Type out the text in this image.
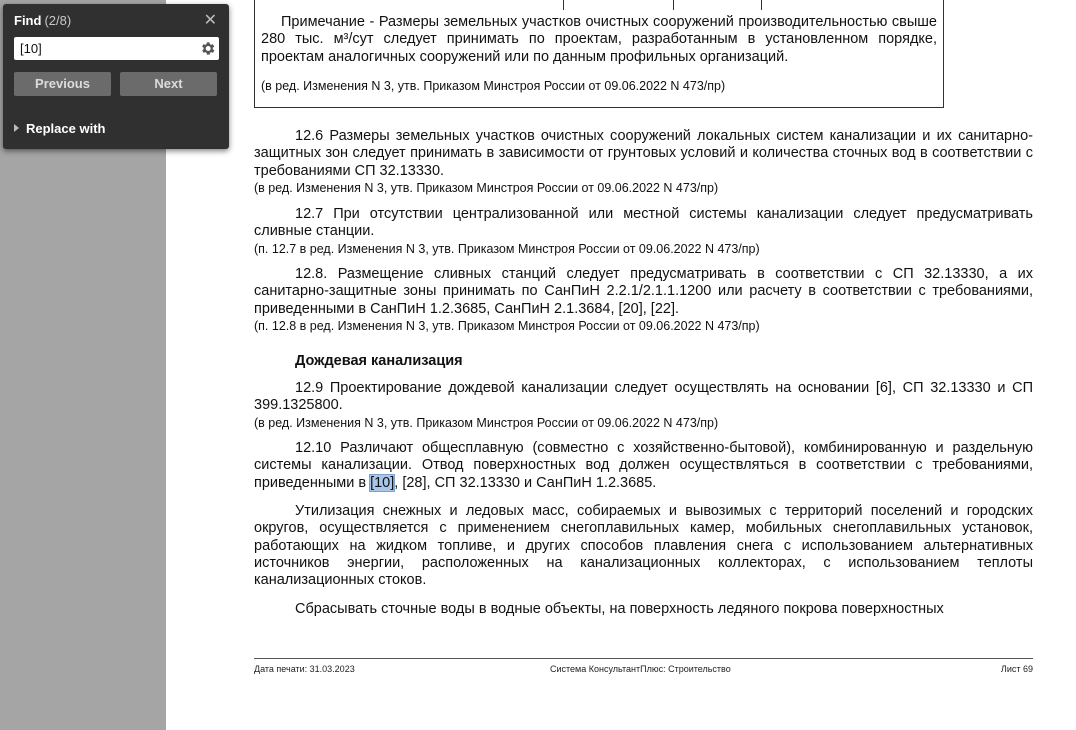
Примечание - Размеры земельных участков очистных сооружений производительностью свыше 280 тыс. м³/сут следует принимать по проектам, разработанным в установленном порядке, проектам аналогичных сооружений или по данным профильных организаций.
(в ред. Изменения N 3, утв. Приказом Минстроя России от 09.06.2022 N 473/пр)

12.6 Размеры земельных участков очистных сооружений локальных систем канализации и их санитарно-защитных зон следует принимать в зависимости от грунтовых условий и количества сточных вод в соответствии с требованиями СП 32.13330.

(в ред. Изменения N 3, утв. Приказом Минстроя России от 09.06.2022 N 473/пр)

12.7 При отсутствии централизованной или местной системы канализации следует предусматривать сливные станции.

(п. 12.7 в ред. Изменения N 3, утв. Приказом Минстроя России от 09.06.2022 N 473/пр)

12.8. Размещение сливных станций следует предусматривать в соответствии с СП 32.13330, а их санитарно-защитные зоны принимать по СанПиН 2.2.1/2.1.1.1200 или расчету в соответствии с требованиями, приведенными в СанПиН 1.2.3685, СанПиН 2.1.3684, [20], [22].

(п. 12.8 в ред. Изменения N 3, утв. Приказом Минстроя России от 09.06.2022 N 473/пр)

Дождевая канализация

12.9 Проектирование дождевой канализации следует осуществлять на основании [6], СП 32.13330 и СП 399.1325800.

(в ред. Изменения N 3, утв. Приказом Минстроя России от 09.06.2022 N 473/пр)

12.10 Различают общесплавную (совместно с хозяйственно-бытовой), комбинированную и раздельную системы канализации. Отвод поверхностных вод должен осуществляться в соответствии с требованиями, приведенными в [10], [28], СП 32.13330 и СанПиН 1.2.3685.

Утилизация снежных и ледовых масс, собираемых и вывозимых с территорий поселений и городских округов, осуществляется с применением снегоплавильных камер, мобильных снегоплавильных установок, работающих на жидком топливе, и других способов плавления снега с использованием альтернативных источников энергии, расположенных на канализационных коллекторах, с использованием теплоты канализационных стоков.

Сбрасывать сточные воды в водные объекты, на поверхность ледяного покрова поверхностных

Дата печати: 31.03.2023	Система КонсультантПлюс: Строительство	Лист 69
Find (2/8)	✕
[10]
Previous	Next
Replace with
